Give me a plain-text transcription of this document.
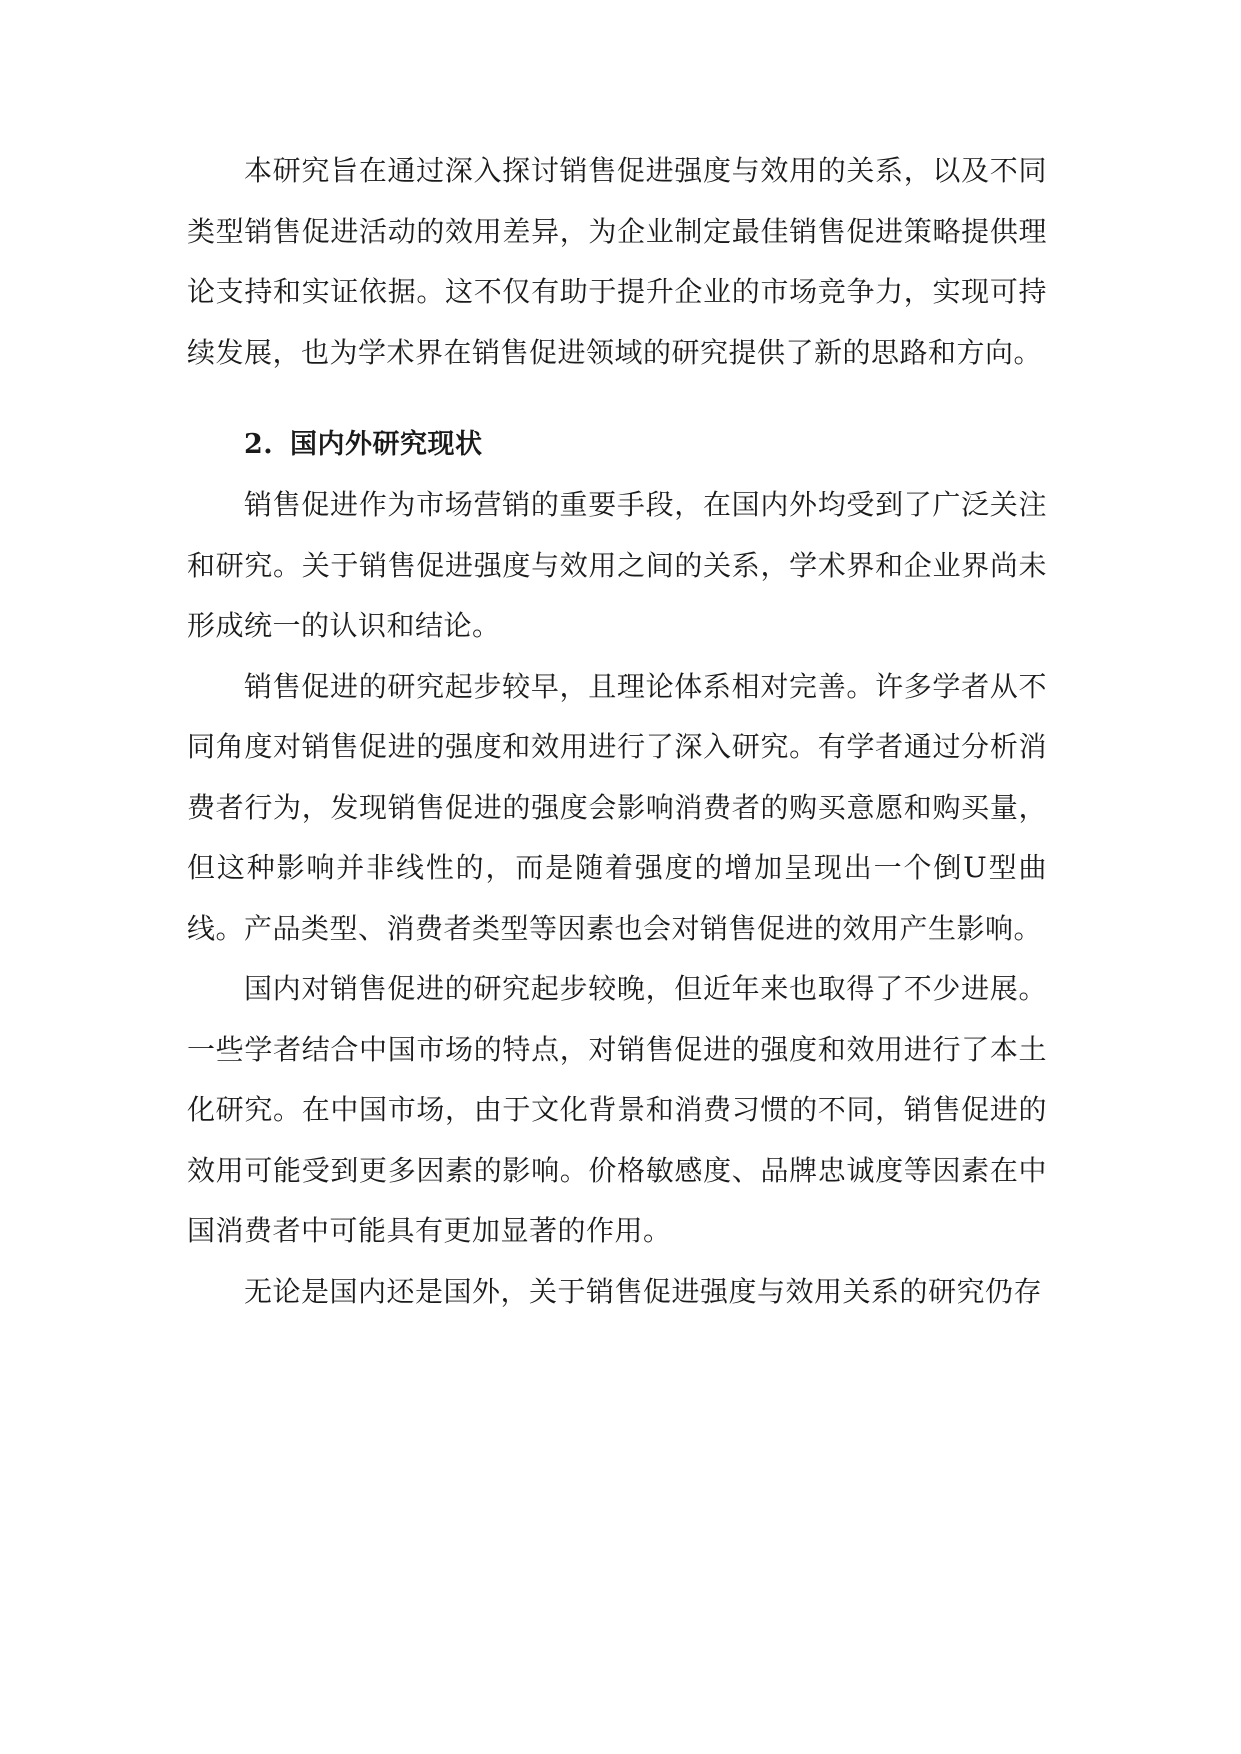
本研究旨在通过深入探讨销售促进强度与效用的关系，以及不同类型销售促进活动的效用差异，为企业制定最佳销售促进策略提供理论支持和实证依据。这不仅有助于提升企业的市场竞争力，实现可持续发展，也为学术界在销售促进领域的研究提供了新的思路和方向。

2. 国内外研究现状

销售促进作为市场营销的重要手段，在国内外均受到了广泛关注和研究。关于销售促进强度与效用之间的关系，学术界和企业界尚未形成统一的认识和结论。

销售促进的研究起步较早，且理论体系相对完善。许多学者从不同角度对销售促进的强度和效用进行了深入研究。有学者通过分析消费者行为，发现销售促进的强度会影响消费者的购买意愿和购买量，但这种影响并非线性的，而是随着强度的增加呈现出一个倒U型曲线。产品类型、消费者类型等因素也会对销售促进的效用产生影响。

国内对销售促进的研究起步较晚，但近年来也取得了不少进展。一些学者结合中国市场的特点，对销售促进的强度和效用进行了本土化研究。在中国市场，由于文化背景和消费习惯的不同，销售促进的效用可能受到更多因素的影响。价格敏感度、品牌忠诚度等因素在中国消费者中可能具有更加显著的作用。

无论是国内还是国外，关于销售促进强度与效用关系的研究仍存
